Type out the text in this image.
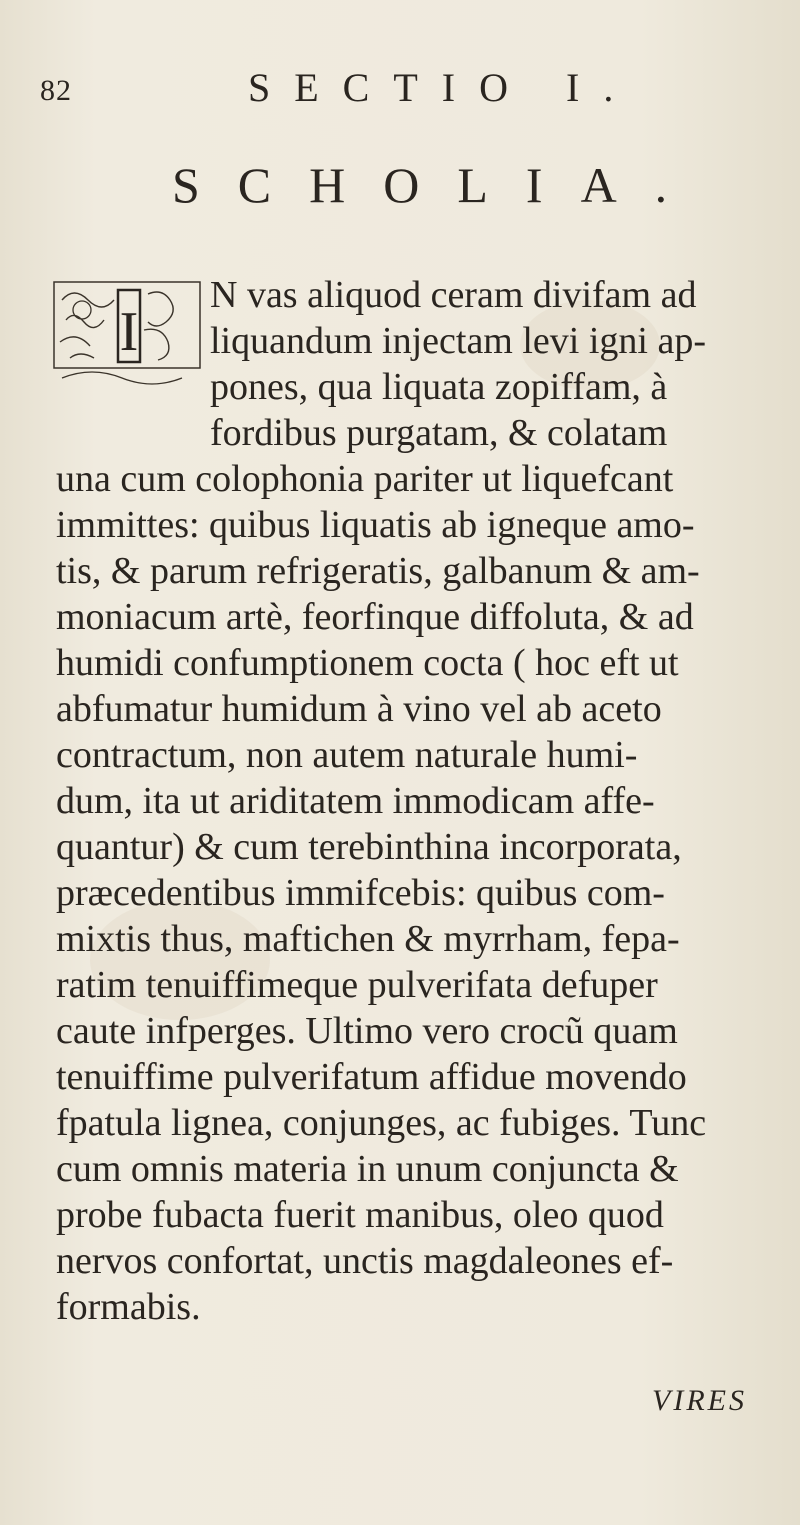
82	SECTIO I.
SCHOLIA.
I
N vas aliquod ceram divifam ad
liquandum injectam levi igni ap-
pones, qua liquata zopiffam, à
fordibus purgatam, & colatam
una cum colophonia pariter ut liquefcant
immittes: quibus liquatis ab igneque amo-
tis, & parum refrigeratis, galbanum & am-
moniacum artè, feorfinque diffoluta, & ad
humidi confumptionem cocta ( hoc eft ut
abfumatur humidum à vino vel ab aceto
contractum, non autem naturale humi-
dum, ita ut ariditatem immodicam affe-
quantur) & cum terebinthina incorporata,
præcedentibus immifcebis: quibus com-
mixtis thus, maftichen & myrrham, fepa-
ratim tenuiffimeque pulverifata defuper
caute infperges. Ultimo vero crocũ quam
tenuiffime pulverifatum affidue movendo
fpatula lignea, conjunges, ac fubiges. Tunc
cum omnis materia in unum conjuncta &
probe fubacta fuerit manibus, oleo quod
nervos confortat, unctis magdaleones ef-
formabis.
VIRES
